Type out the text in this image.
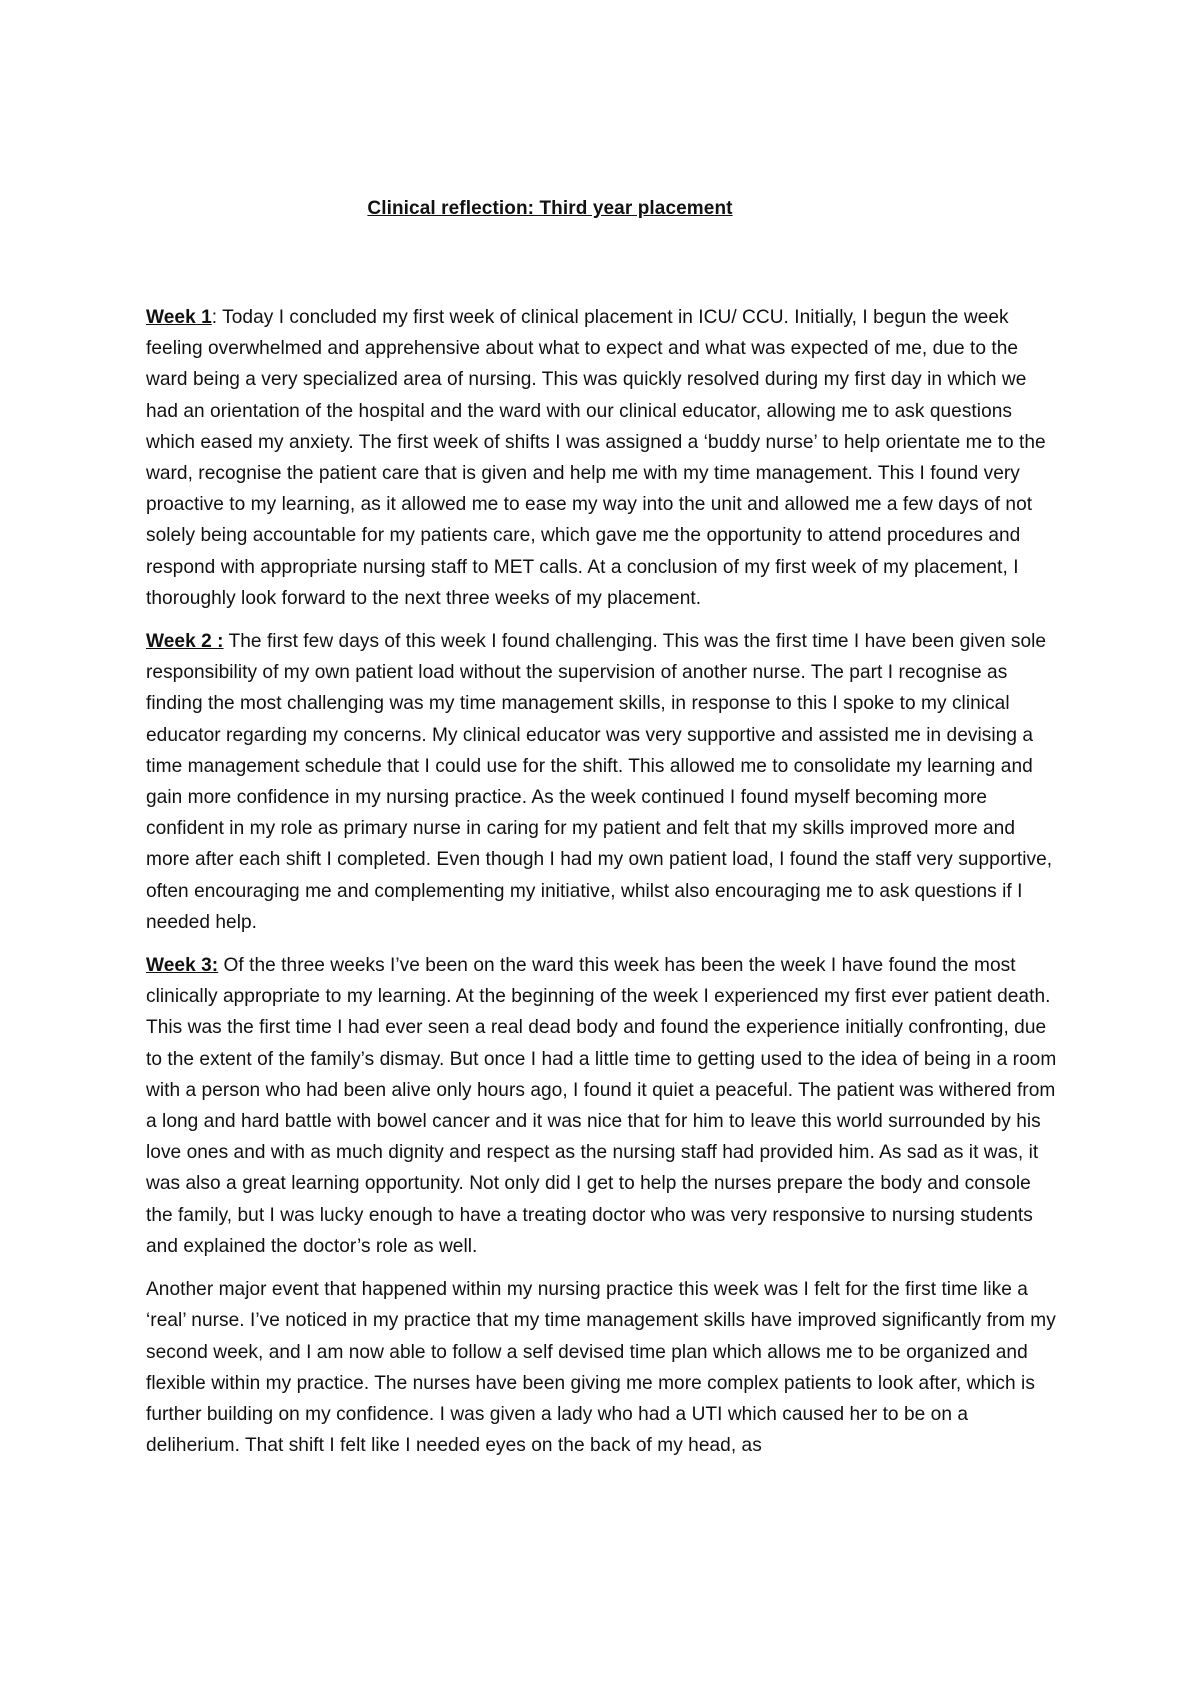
Clinical reflection: Third year placement

Week 1: Today I concluded my first week of clinical placement in ICU/ CCU. Initially, I begun the week feeling overwhelmed and apprehensive about what to expect and what was expected of me, due to the ward being a very specialized area of nursing. This was quickly resolved during my first day in which we had an orientation of the hospital and the ward with our clinical educator, allowing me to ask questions which eased my anxiety. The first week of shifts I was assigned a ‘buddy nurse’ to help orientate me to the ward, recognise the patient care that is given and help me with my time management. This I found very proactive to my learning, as it allowed me to ease my way into the unit and allowed me a few days of not solely being accountable for my patients care, which gave me the opportunity to attend procedures and respond with appropriate nursing staff to MET calls. At a conclusion of my first week of my placement, I thoroughly look forward to the next three weeks of my placement.

Week 2 : The first few days of this week I found challenging. This was the first time I have been given sole responsibility of my own patient load without the supervision of another nurse. The part I recognise as finding the most challenging was my time management skills, in response to this I spoke to my clinical educator regarding my concerns. My clinical educator was very supportive and assisted me in devising a time management schedule that I could use for the shift. This allowed me to consolidate my learning and gain more confidence in my nursing practice. As the week continued I found myself becoming more confident in my role as primary nurse in caring for my patient and felt that my skills improved more and more after each shift I completed. Even though I had my own patient load, I found the staff very supportive, often encouraging me and complementing my initiative, whilst also encouraging me to ask questions if I needed help.

Week 3: Of the three weeks I’ve been on the ward this week has been the week I have found the most clinically appropriate to my learning. At the beginning of the week I experienced my first ever patient death. This was the first time I had ever seen a real dead body and found the experience initially confronting, due to the extent of the family’s dismay. But once I had a little time to getting used to the idea of being in a room with a person who had been alive only hours ago, I found it quiet a peaceful. The patient was withered from a long and hard battle with bowel cancer and it was nice that for him to leave this world surrounded by his love ones and with as much dignity and respect as the nursing staff had provided him. As sad as it was, it was also a great learning opportunity. Not only did I get to help the nurses prepare the body and console the family, but I was lucky enough to have a treating doctor who was very responsive to nursing students and explained the doctor’s role as well.

Another major event that happened within my nursing practice this week was I felt for the first time like a ‘real’ nurse. I’ve noticed in my practice that my time management skills have improved significantly from my second week, and I am now able to follow a self devised time plan which allows me to be organized and flexible within my practice. The nurses have been giving me more complex patients to look after, which is further building on my confidence. I was given a lady who had a UTI which caused her to be on a deliherium. That shift I felt like I needed eyes on the back of my head, as
